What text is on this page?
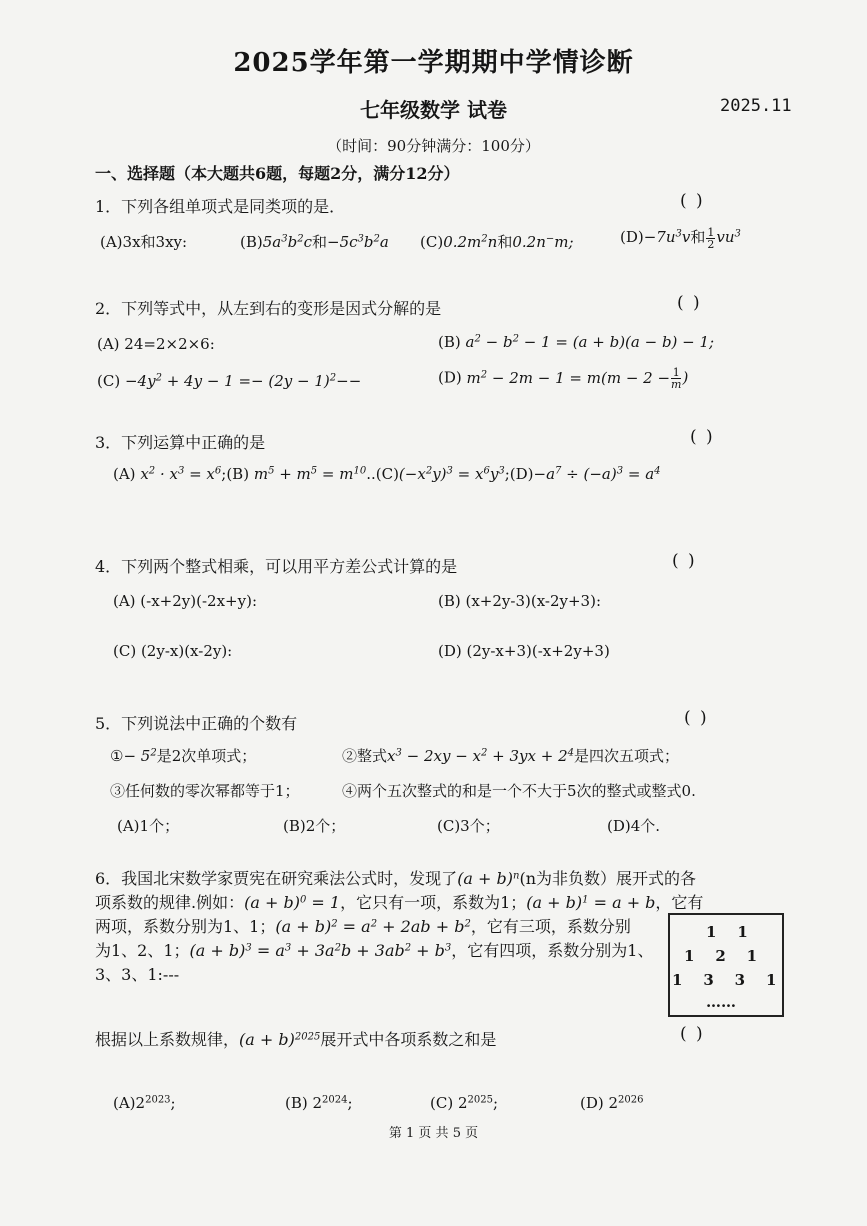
2025学年第一学期期中学情诊断
七年级数学 试卷	2025.11
（时间：90分钟满分：100分）
一、选择题（本大题共6题，每题2分，满分12分）
1．下列各组单项式是同类项的是．	( )
(A)3x和3xy:	$(B)5a^3b^2c$和$-5c^3b^2a$ $(C)0.2m^2n$和0.2n−m;	$(D)-7u^3v$和 $\frac{1}{2} vu^3$
2．下列等式中，从左到右的变形是因式分解的是	( )
(A) 24=2×2×6:	(B) $a^2 - b^2 - 1 = (a + b)(a - b) - 1$;
$(C) -4y^2 + 4y - 1 =- (2y - 1)^2--$	(D) $m^2 - 2m - 1 = m(m - 2 - \frac{1}{m}$ )
3．下列运算中正确的是	( )
(A) $x^2 \cdot x^3$ = $x^6;(B) m^5 + m^5 = m^{10}..(C)(-x^2y)^3$ = $x^6y^3;(D)-a^7 \div (-a)^3 = a^4$
4．下列两个整式相乘，可以用平方差公式计算的是	( )
(A) (-x+2y)(-2x+y):	(B) (x+2y-3)(x-2y+3):
(C) (2y-x)(x-2y):	(D) (2y-x+3)(-x+2y+3)
5．下列说法中正确的个数有	( )
①− $5^2$是2次单项式；	②整式$x^3 - 2xy - x^2 + 3yx + 2^4$是四次五项式；
③任何数的零次幂都等于1；	④两个五次整式的和是一个不大于5次的整式或整式0.
(A)1个；	(B)2个；	(C)3个；	(D)4个.
6．我国北宋数学家贾宪在研究乘法公式时，发现了$(a + b)^n(n$为非负数）展开式的各
项系数的规律.例如：$(a + b)^0 = 1$，它只有一项，系数为1；$(a + b)^1 = a + b$，它有
两项，系数分别为1、1；$(a + b)^2 = a^2 + 2ab + b^2$，它有三项，系数分别
为1、2、1；$(a + b)^3 = a^3 + 3a^2b + 3ab^2 + b^3$，它有四项，系数分别为1、
3、3、1:---
1    1
1    2    1
1    3    3    1
……
根据以上系数规律，$(a + b)^{2025}$展开式中各项系数之和是	( )
$(A)2^{2023}$;	(B) $2^{2024}$;	(C) $2^{2025}$;	(D) $2^{2026}$
第 1 页 共 5 页
